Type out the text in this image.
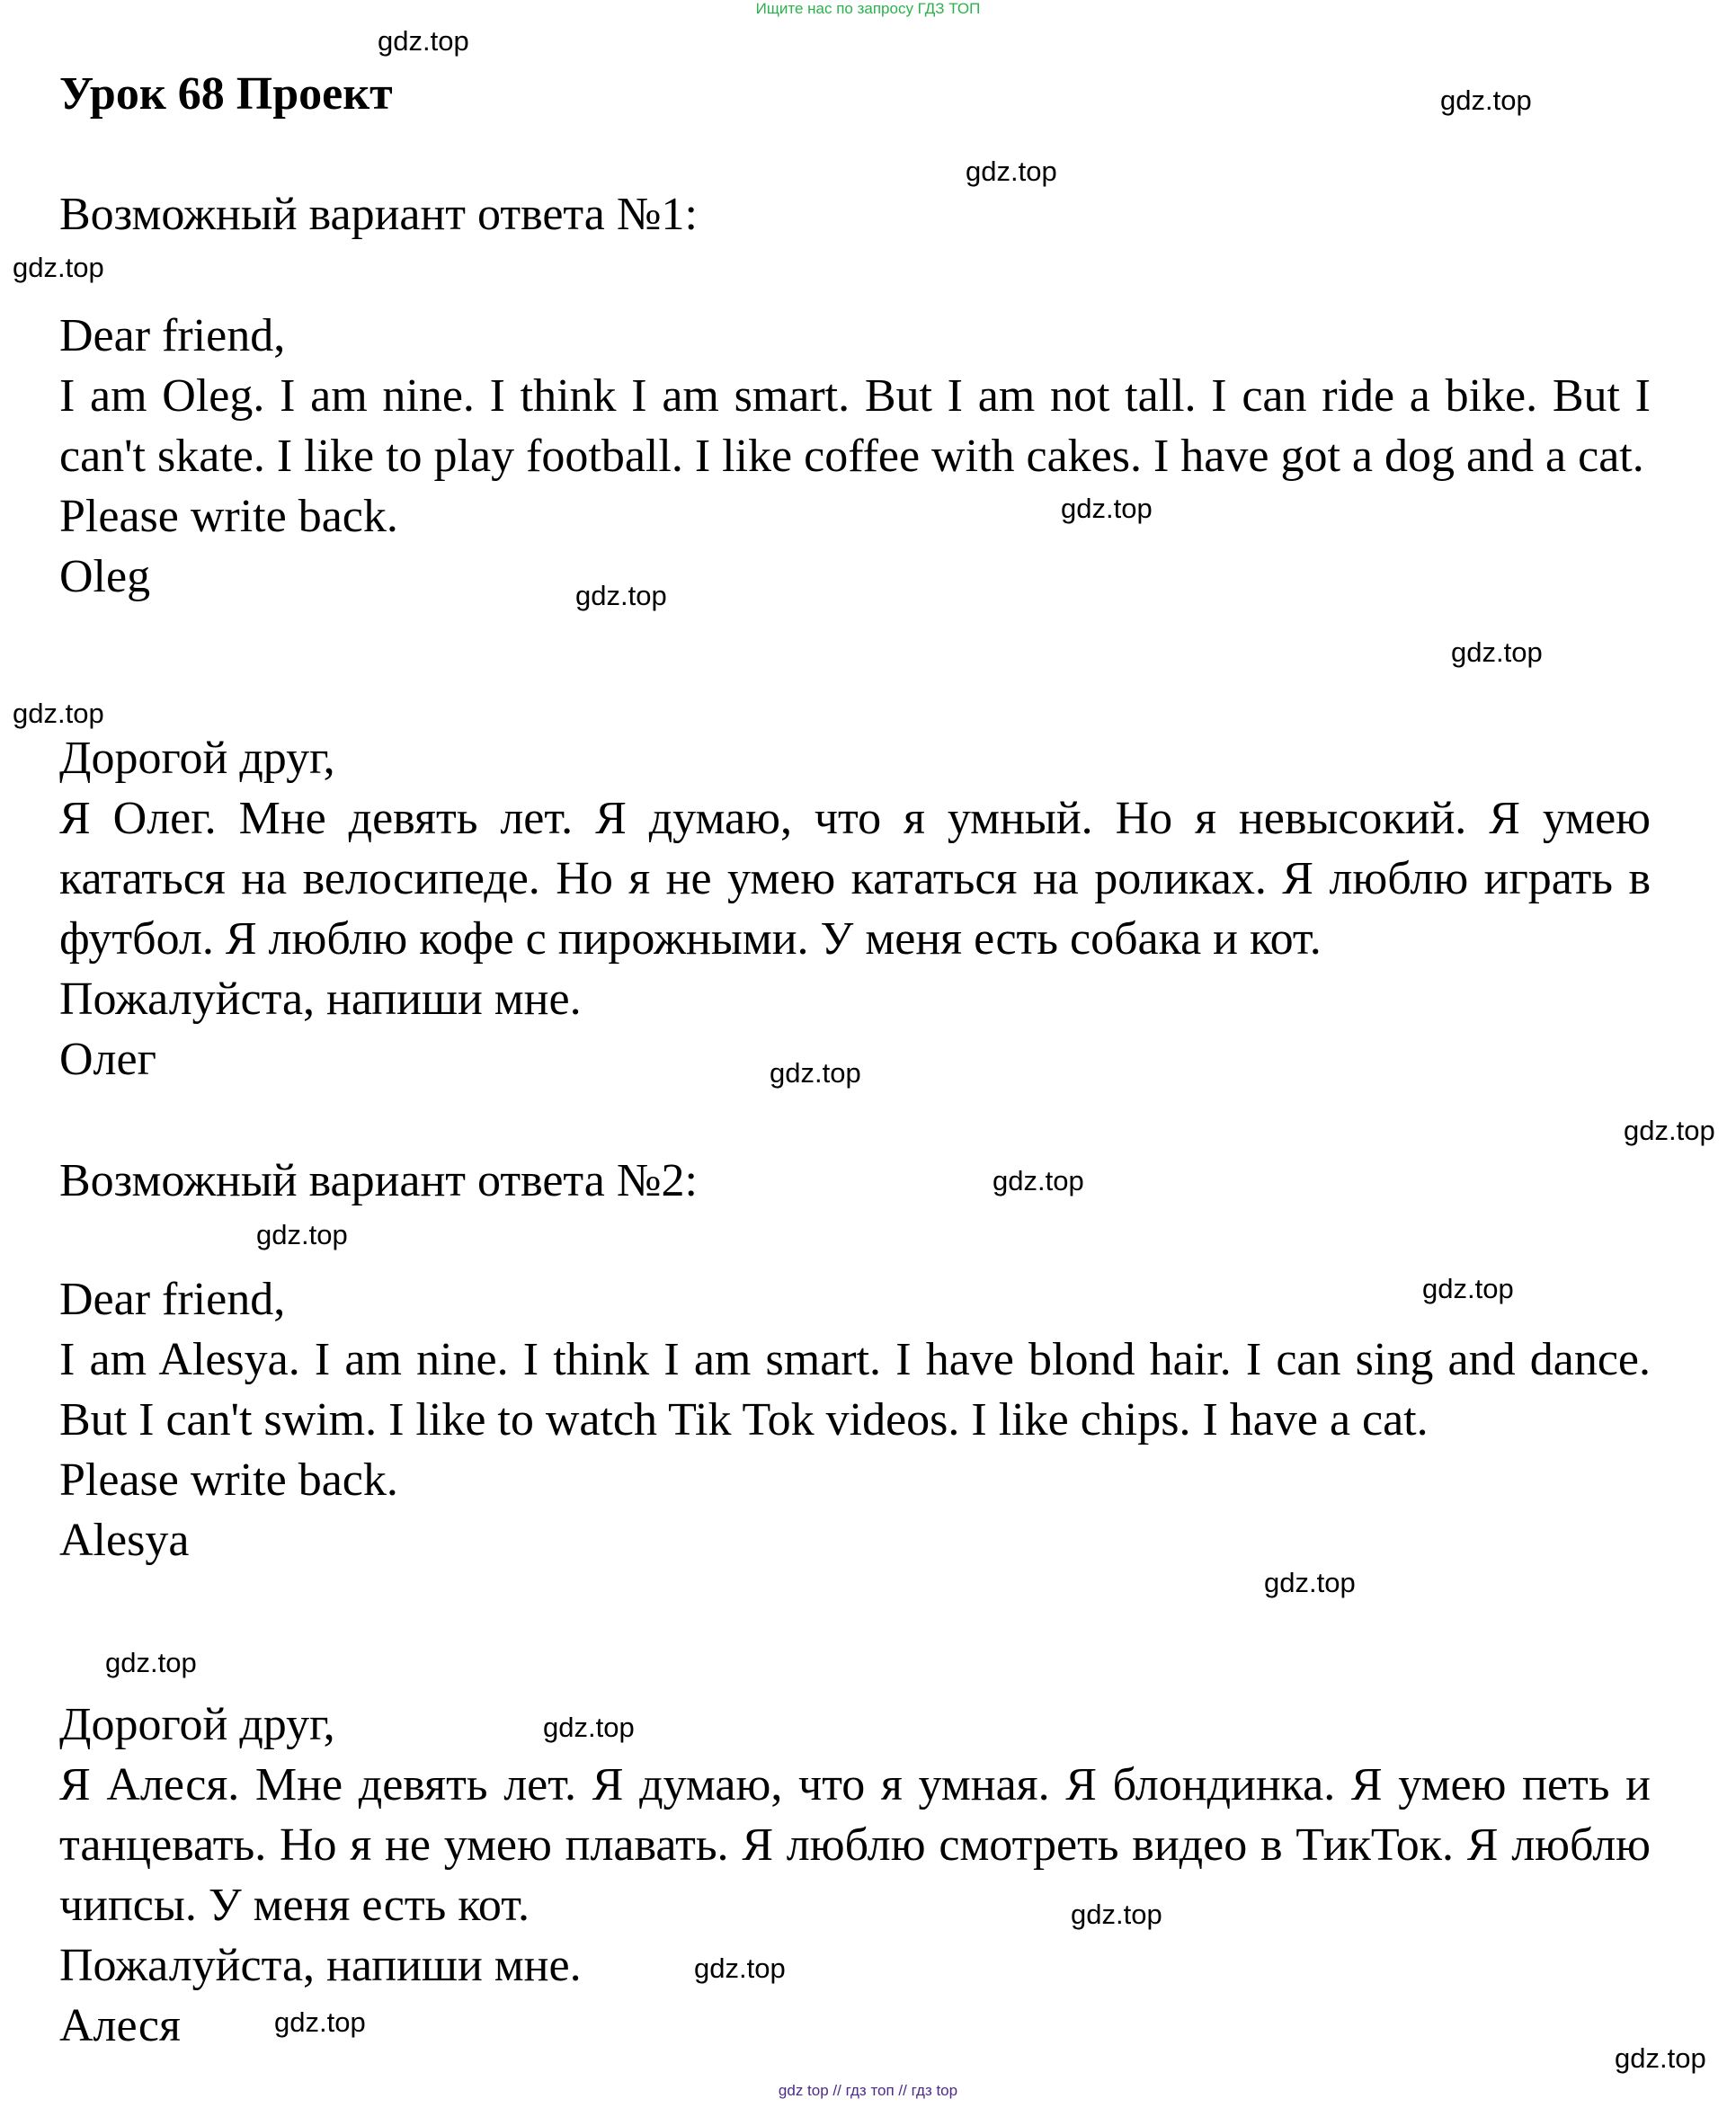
Ищите нас по запросу ГДЗ ТОП
Урок 68 Проект

Возможный вариант ответа №1:

Dear friend,

I am Oleg. I am nine. I think I am smart. But I am not tall. I can ride a bike. But I can't skate. I like to play football. I like coffee with cakes. I have got a dog and a cat.

Please write back.

Oleg

Дорогой друг,

Я Олег. Мне девять лет. Я думаю, что я умный. Но я невысокий. Я умею кататься на велосипеде. Но я не умею кататься на роликах. Я люблю играть в футбол. Я люблю кофе с пирожными. У меня есть собака и кот.

Пожалуйста, напиши мне.

Олег

Возможный вариант ответа №2:

Dear friend,

I am Alesya. I am nine. I think I am smart. I have blond hair. I can sing and dance. But I can't swim. I like to watch Tik Tok videos. I like chips. I have a cat.

Please write back.

Alesya

Дорогой друг,

Я Алеся. Мне девять лет. Я думаю, что я умная. Я блондинка. Я умею петь и танцевать. Но я не умею плавать. Я люблю смотреть видео в ТикТок. Я люблю чипсы. У меня есть кот.

Пожалуйста, напиши мне.

Алеся

gdz.top
gdz.top
gdz.top
gdz.top
gdz.top
gdz.top
gdz.top
gdz.top
gdz.top
gdz.top
gdz.top
gdz.top
gdz.top
gdz.top
gdz.top
gdz.top
gdz.top
gdz.top
gdz.top
gdz.top
gdz top // гдз топ // гдз top
